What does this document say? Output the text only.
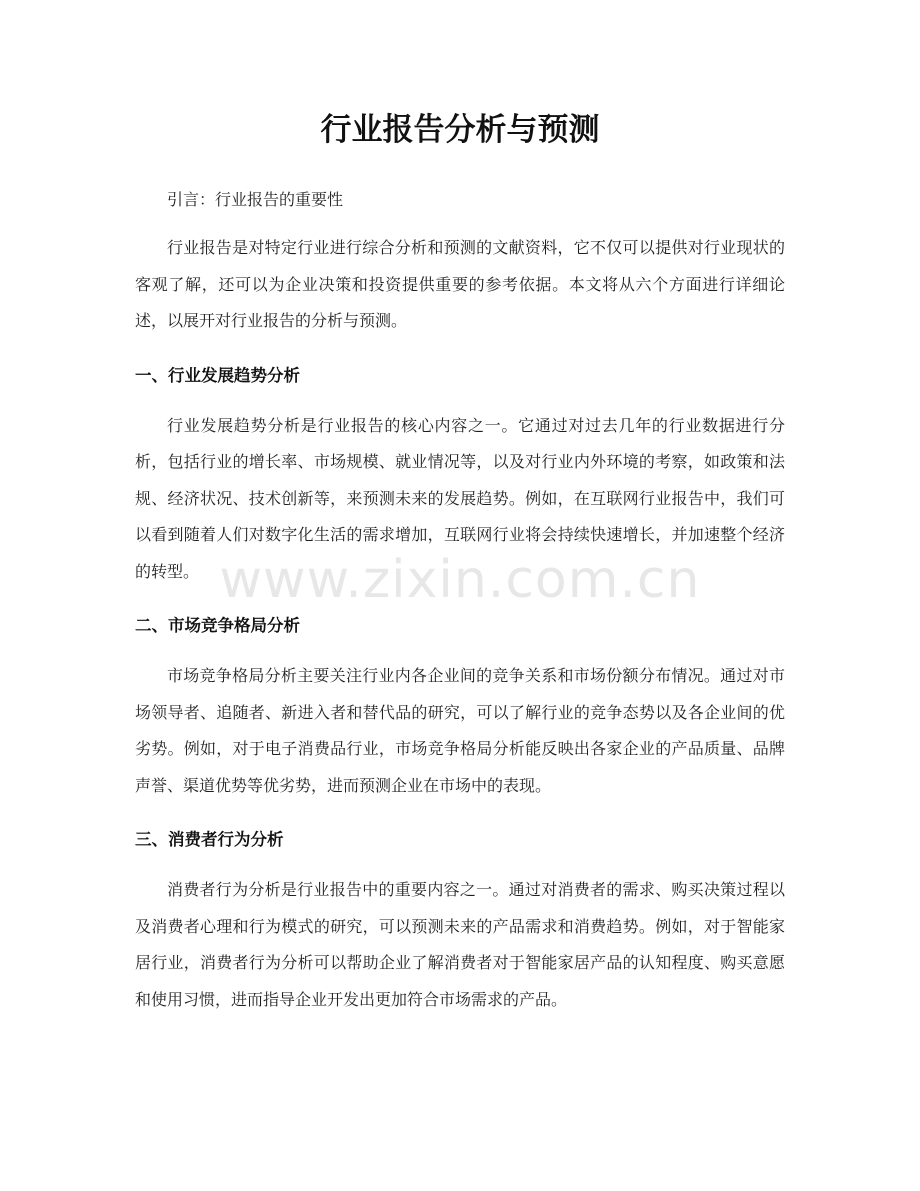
行业报告分析与预测

引言：行业报告的重要性

行业报告是对特定行业进行综合分析和预测的文献资料，它不仅可以提供对行业现状的客观了解，还可以为企业决策和投资提供重要的参考依据。本文将从六个方面进行详细论述，以展开对行业报告的分析与预测。

一、行业发展趋势分析

行业发展趋势分析是行业报告的核心内容之一。它通过对过去几年的行业数据进行分析，包括行业的增长率、市场规模、就业情况等，以及对行业内外环境的考察，如政策和法规、经济状况、技术创新等，来预测未来的发展趋势。例如，在互联网行业报告中，我们可以看到随着人们对数字化生活的需求增加，互联网行业将会持续快速增长，并加速整个经济的转型。

二、市场竞争格局分析

市场竞争格局分析主要关注行业内各企业间的竞争关系和市场份额分布情况。通过对市场领导者、追随者、新进入者和替代品的研究，可以了解行业的竞争态势以及各企业间的优劣势。例如，对于电子消费品行业，市场竞争格局分析能反映出各家企业的产品质量、品牌声誉、渠道优势等优劣势，进而预测企业在市场中的表现。

三、消费者行为分析

消费者行为分析是行业报告中的重要内容之一。通过对消费者的需求、购买决策过程以及消费者心理和行为模式的研究，可以预测未来的产品需求和消费趋势。例如，对于智能家居行业，消费者行为分析可以帮助企业了解消费者对于智能家居产品的认知程度、购买意愿和使用习惯，进而指导企业开发出更加符合市场需求的产品。

www.zixin.com.cn
